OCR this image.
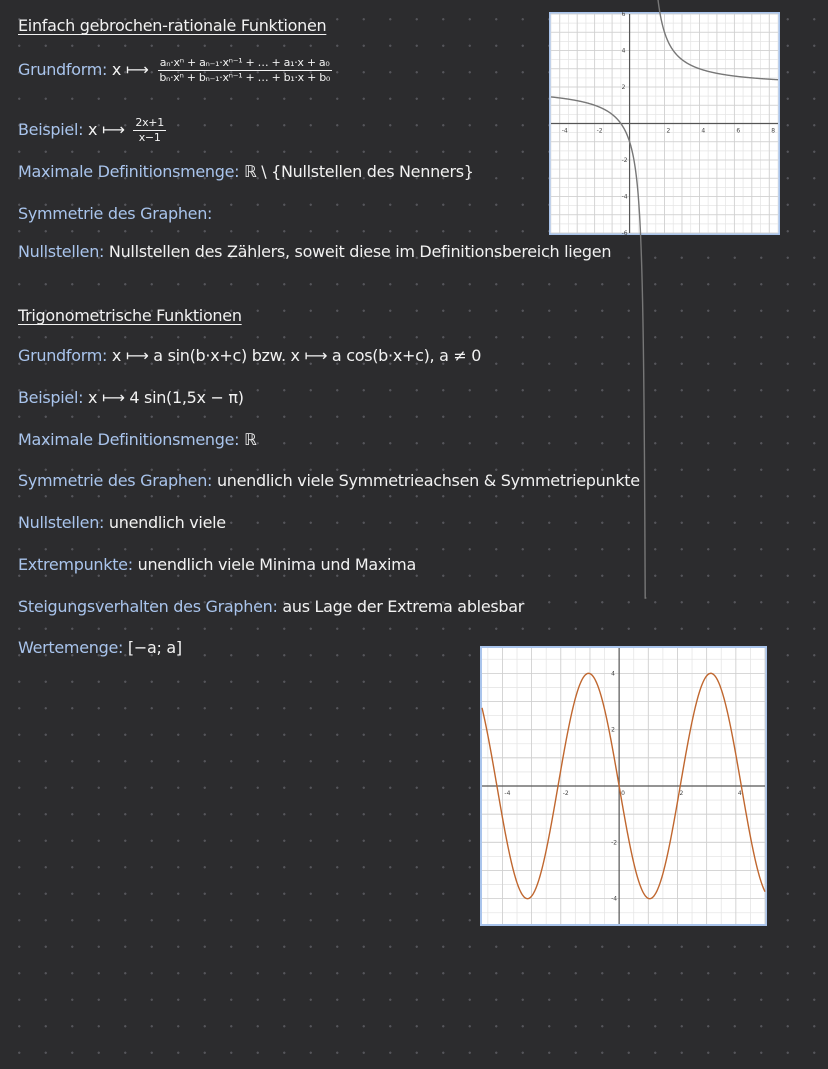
Einfach gebrochen-rationale Funktionen
Grundform: x ⟼ $\frac{\text{aₙ·xⁿ + aₙ₋₁·xⁿ⁻¹ + … + a₁·x + a₀}}{\text{bₙ·xⁿ + bₙ₋₁·xⁿ⁻¹ + … + b₁·x + b₀}}$
Beispiel: x ⟼ $\frac{2x+1}{x-1}$
Maximale Definitionsmenge: ℝ \ {Nullstellen des Nenners}
Symmetrie des Graphen:
Nullstellen: Nullstellen des Zählers, soweit diese im Definitionsbereich liegen
-4	-2	2	4	6	8
-6
-4
-2
2
4
6
Trigonometrische Funktionen
Grundform: x ⟼ a sin(b·x+c) bzw. x ⟼ a cos(b·x+c), a ≠ 0
Beispiel: x ⟼ 4 sin(1,5x − π)
Maximale Definitionsmenge: ℝ
Symmetrie des Graphen: unendlich viele Symmetrieachsen & Symmetriepunkte
Nullstellen: unendlich viele
Extrempunkte: unendlich viele Minima und Maxima
Steigungsverhalten des Graphen: aus Lage der Extrema ablesbar
Wertemenge: [−a; a]
-4	-2	0	2	4
-4
-2
2
4
